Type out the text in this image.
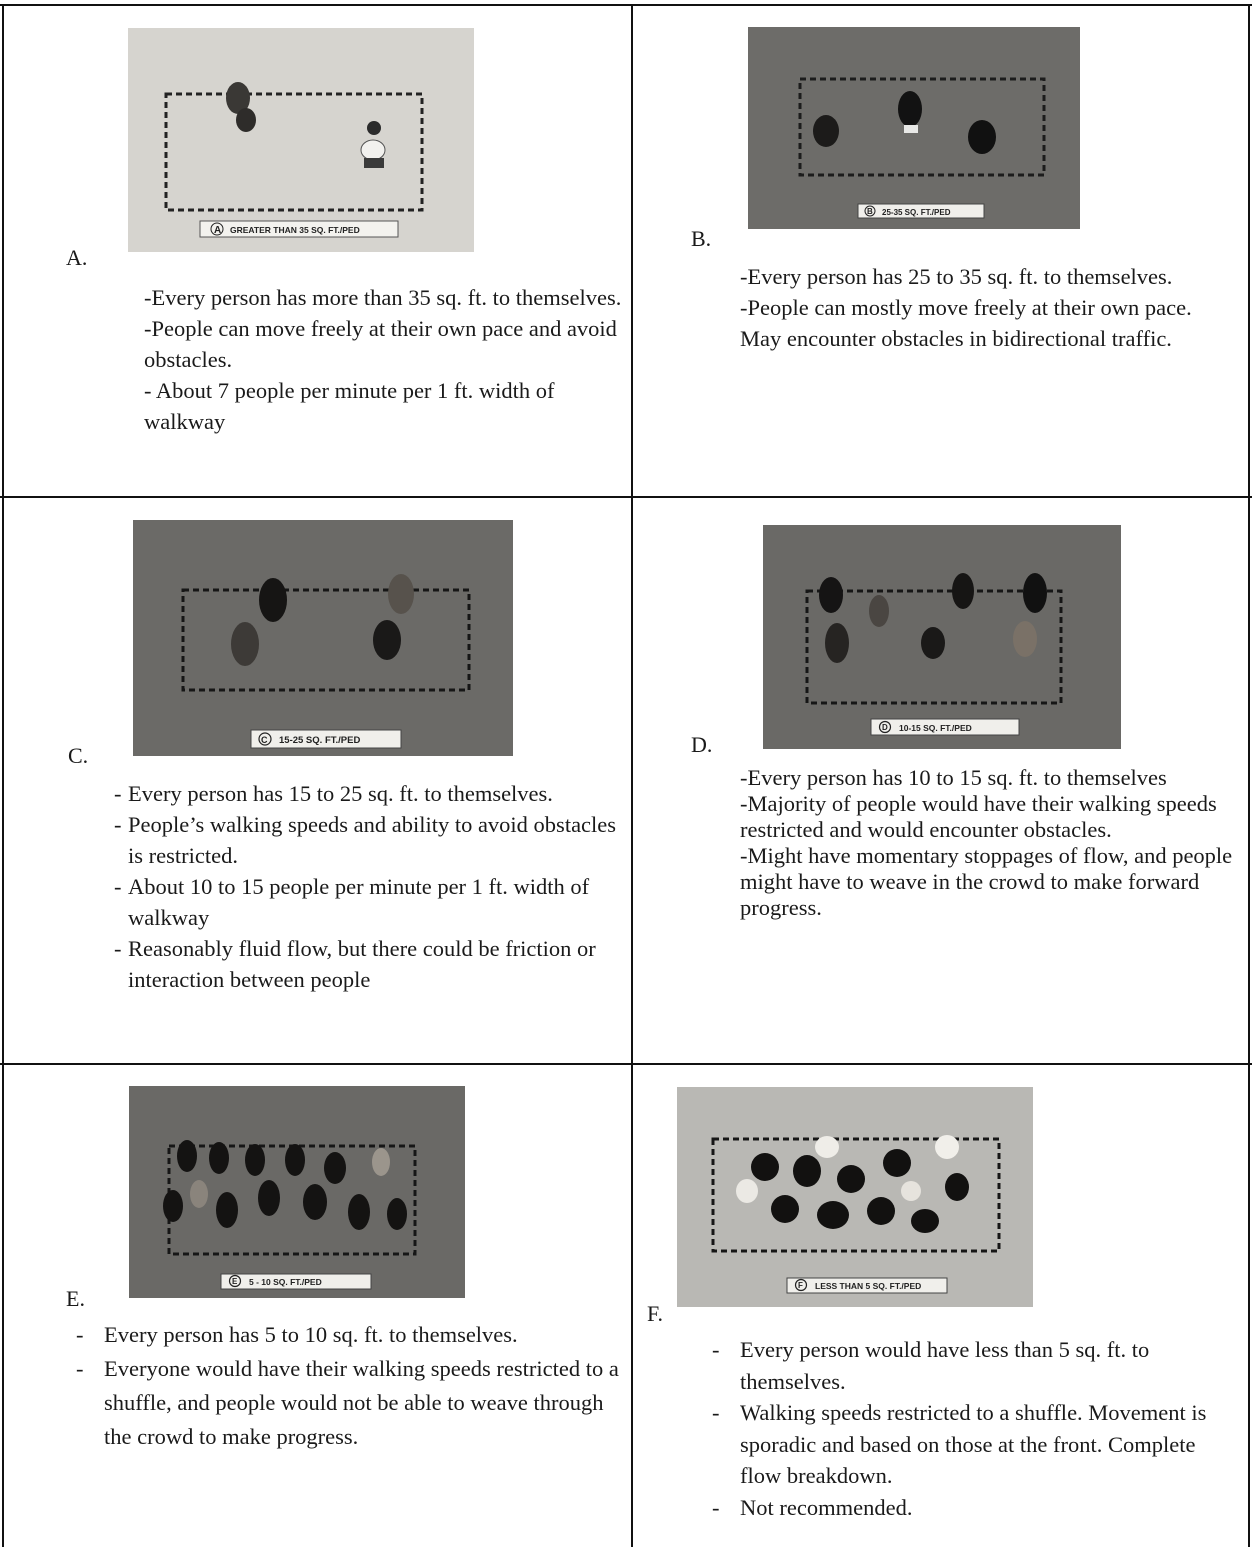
A GREATER THAN 35 SQ. FT./PED
A.

-Every person has more than 35 sq. ft. to themselves.

-People can move freely at their own pace and avoid obstacles.

- About 7 people per minute per 1 ft. width of walkway

B 25-35 SQ. FT./PED
B.

-Every person has 25 to 35 sq. ft. to themselves.

-People can mostly move freely at their own pace. May encounter obstacles in bidirectional traffic.

C 15-25 SQ. FT./PED
C.
- Every person has 15 to 25 sq. ft. to themselves.
- People’s walking speeds and ability to avoid obstacles is restricted.
- About 10 to 15 people per minute per 1 ft. width of walkway
- Reasonably fluid flow, but there could be friction or interaction between people
D 10-15 SQ. FT./PED
D.

-Every person has 10 to 15 sq. ft. to themselves

-Majority of people would have their walking speeds restricted and would encounter obstacles.

-Might have momentary stoppages of flow, and people might have to weave in the crowd to make forward progress.

E 5 - 10 SQ. FT./PED
E.
- Every person has 5 to 10 sq. ft. to themselves.
- Everyone would have their walking speeds restricted to a shuffle, and people would not be able to weave through the crowd to make progress.
F LESS THAN 5 SQ. FT./PED
F.
- Every person would have less than 5 sq. ft. to themselves.
- Walking speeds restricted to a shuffle. Movement is sporadic and based on those at the front. Complete flow breakdown.
- Not recommended.
